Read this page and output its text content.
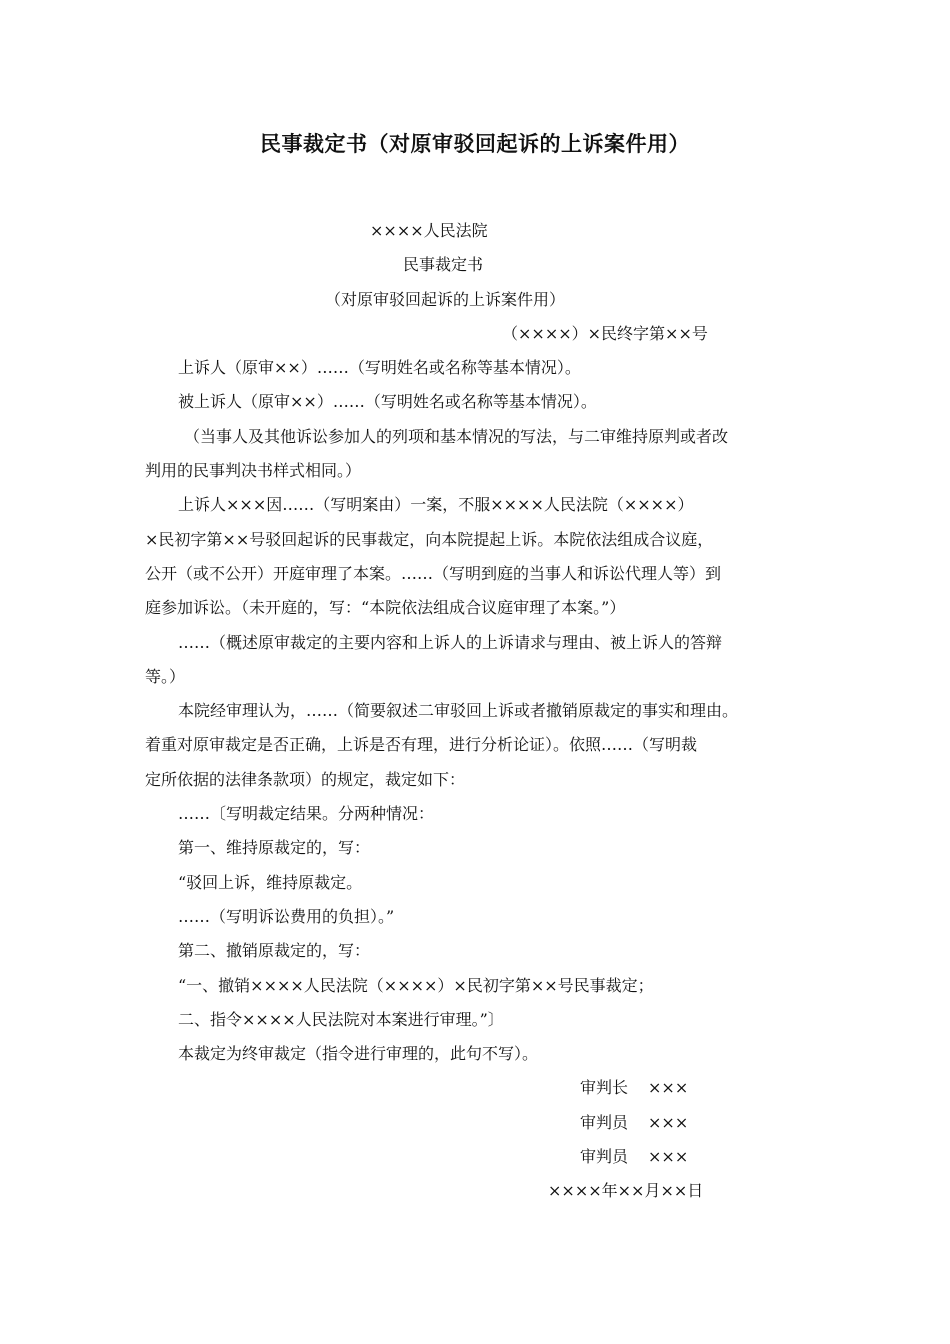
民事裁定书（对原审驳回起诉的上诉案件用）
××××人民法院
民事裁定书
（对原审驳回起诉的上诉案件用）
（××××）×民终字第××号
上诉人（原审××）……（写明姓名或名称等基本情况）。
被上诉人（原审××）……（写明姓名或名称等基本情况）。
（当事人及其他诉讼参加人的列项和基本情况的写法，与二审维持原判或者改
判用的民事判决书样式相同。）
上诉人×××因……（写明案由）一案，不服××××人民法院（××××）
×民初字第××号驳回起诉的民事裁定，向本院提起上诉。本院依法组成合议庭，
公开（或不公开）开庭审理了本案。……（写明到庭的当事人和诉讼代理人等）到
庭参加诉讼。（未开庭的，写：“本院依法组成合议庭审理了本案。”）
……（概述原审裁定的主要内容和上诉人的上诉请求与理由、被上诉人的答辩
等。）
本院经审理认为，……（简要叙述二审驳回上诉或者撤销原裁定的事实和理由。
着重对原审裁定是否正确，上诉是否有理，进行分析论证）。依照……（写明裁
定所依据的法律条款项）的规定，裁定如下：
……〔写明裁定结果。分两种情况：
第一、维持原裁定的，写：
“驳回上诉，维持原裁定。
……（写明诉讼费用的负担）。”
第二、撤销原裁定的，写：
“一、撤销××××人民法院（××××）×民初字第××号民事裁定；
二、指令××××人民法院对本案进行审理。”〕
本裁定为终审裁定（指令进行审理的，此句不写）。
审判长 ×××
审判员 ×××
审判员 ×××
××××年××月××日
